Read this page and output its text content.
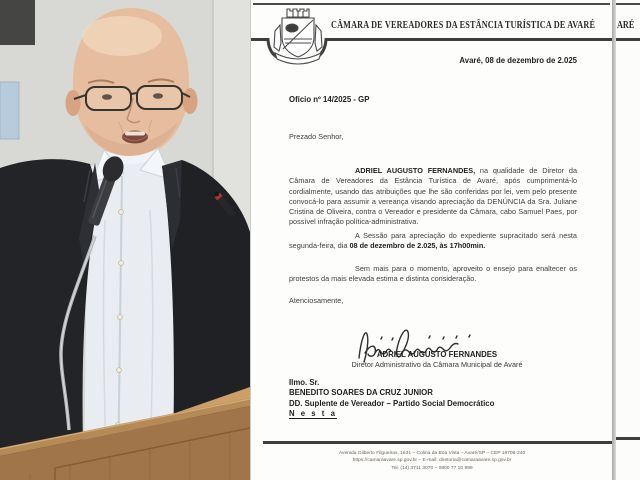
CÂMARA DE VEREADORES DA ESTÂNCIA TURÍSTICA DE AVARÉ
Avaré, 08 de dezembro de 2.025
Ofício nº 14/2025 - GP
Prezado Senhor,

ADRIEL AUGUSTO FERNANDES, na qualidade de Diretor da Câmara de Vereadores da Estância Turística de Avaré, após cumprimentá-lo cordialmente, usando das atribuições que lhe são conferidas por lei, vem pelo presente convocá-lo para assumir a vereança visando apreciação da DENÚNCIA da Sra. Juliane Cristina de Oliveira, contra o Vereador e presidente da Câmara, cabo Samuel Paes, por possível infração política-administrativa.

A Sessão para apreciação do expediente supracitado será nesta segunda-feira, dia 08 de dezembro de 2.025, às 17h00min.

Sem mais para o momento, aproveito o ensejo para enaltecer os protestos da mais elevada estima e distinta consideração.

Atenciosamente,
ADRIEL AUGUSTO FERNANDES
Diretor Administrativo da Câmara Municipal de Avaré
Ilmo. Sr.
BENEDITO SOARES DA CRUZ JUNIOR
DD. Suplente de Vereador – Partido Social Democrático
N e s t a
Avenida Gilberto Filgueiras, 1631 – Colina da Boa Vista – Avaré/SP – CEP 18706-240
https://camaraavare.sp.gov.br – E-mail: diretoria@camaraavare.sp.gov.br
Tel. (14) 3711 3070 – 0800 77 10 999
ARÉ
